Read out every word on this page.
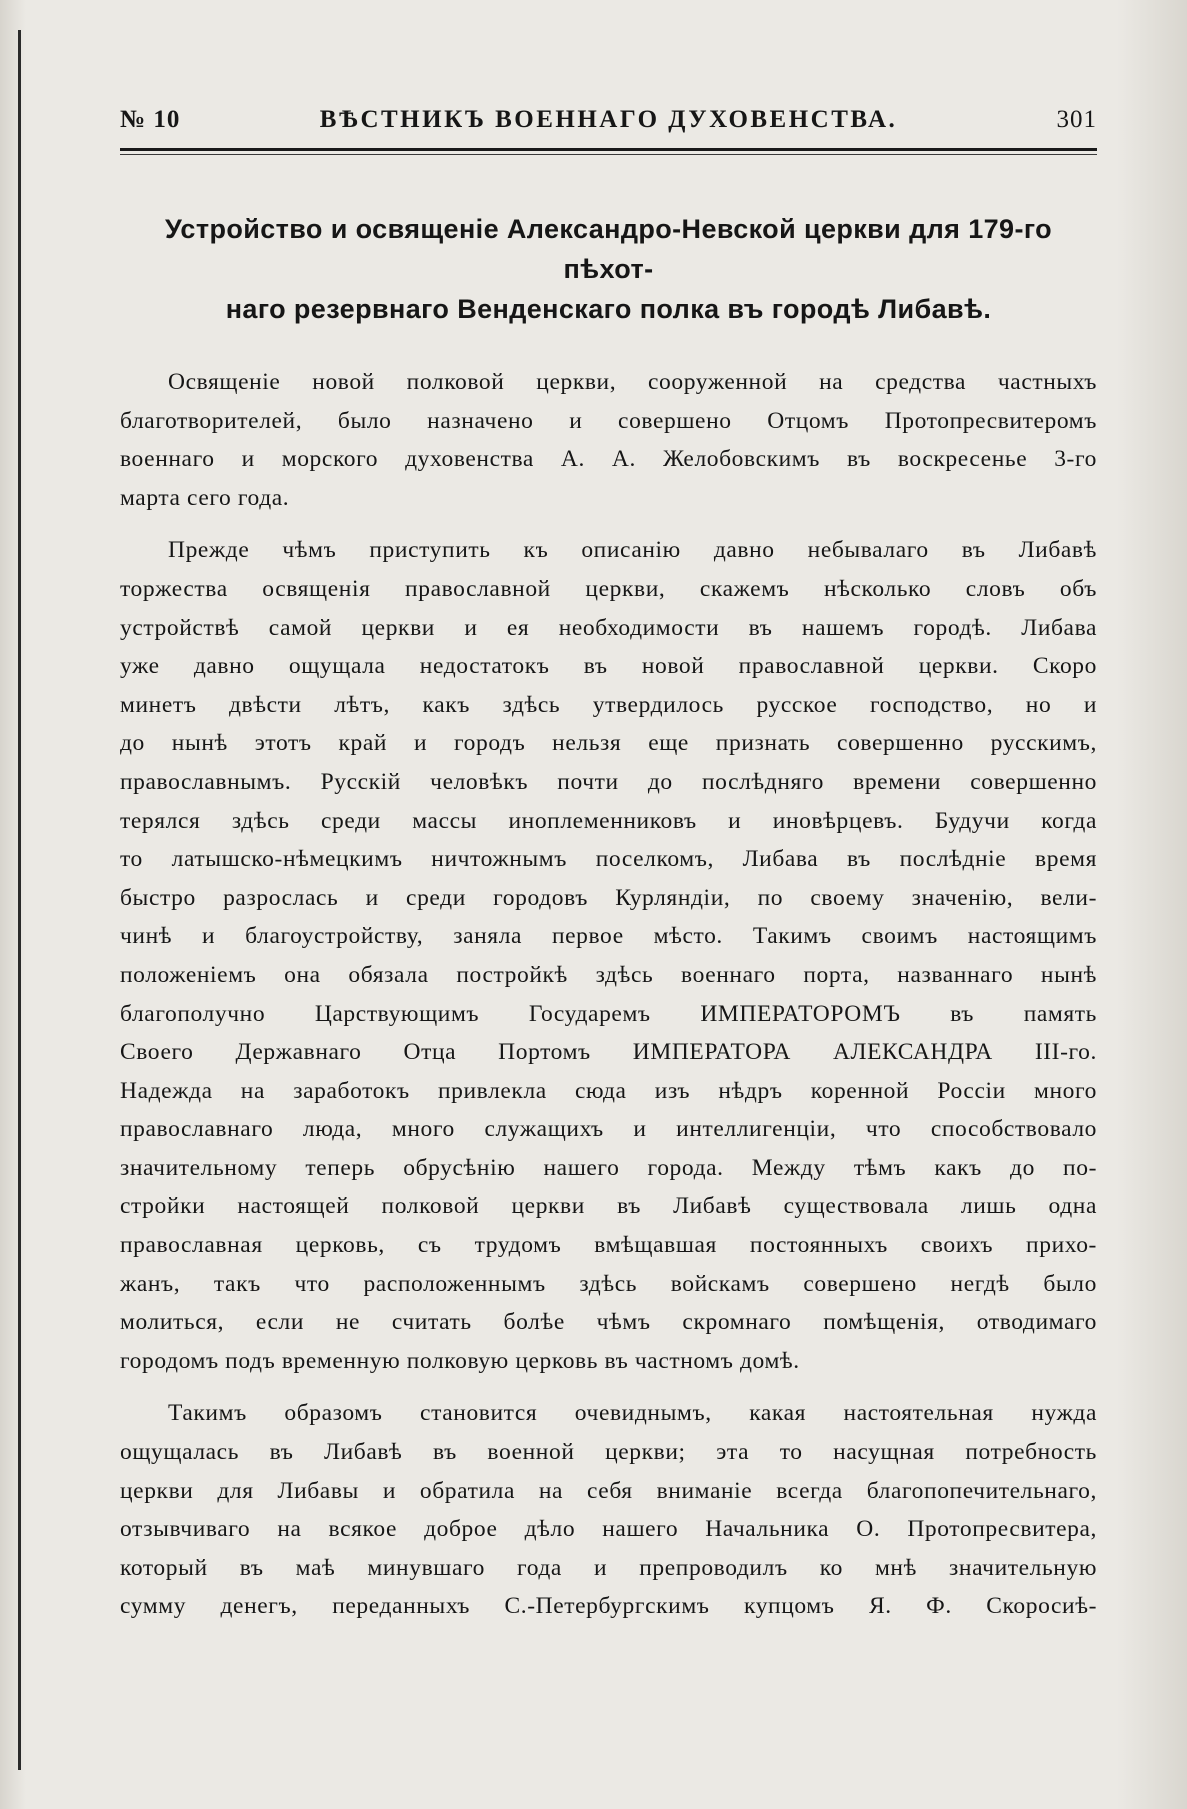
№ 10	ВѢСТНИКЪ ВОЕННАГО ДУХОВЕНСТВА.	301
Устройство и освященіе Александро-Невской церкви для 179-го пѣхот-
наго резервнаго Венденскаго полка въ городѣ Либавѣ.
Освященіе новой полковой церкви, сооруженной на средства частныхъ
благотворителей, было назначено и совершено Отцомъ Протопресвитеромъ
военнаго и морского духовенства А. А. Желобовскимъ въ воскресенье 3-го
марта сего года.
Прежде чѣмъ приступить къ описанію давно небывалаго въ Либавѣ
торжества освященія православной церкви, скажемъ нѣсколько словъ объ
устройствѣ самой церкви и ея необходимости въ нашемъ городѣ. Либава
уже давно ощущала недостатокъ въ новой православной церкви. Скоро
минетъ двѣсти лѣтъ, какъ здѣсь утвердилось русское господство, но и
до нынѣ этотъ край и городъ нельзя еще признать совершенно русскимъ,
православнымъ. Русскій человѣкъ почти до послѣдняго времени совершенно
терялся здѣсь среди массы иноплеменниковъ и иновѣрцевъ. Будучи когда
то латышско-нѣмецкимъ ничтожнымъ поселкомъ, Либава въ послѣдніе время
быстро разрослась и среди городовъ Курляндіи, по своему значенію, вели-
чинѣ и благоустройству, заняла первое мѣсто. Такимъ своимъ настоящимъ
положеніемъ она обязала постройкѣ здѣсь военнаго порта, названнаго нынѣ
благополучно Царствующимъ Государемъ ИМПЕРАТОРОМЪ въ память
Своего Державнаго Отца Портомъ ИМПЕРАТОРА АЛЕКСАНДРА III-го.
Надежда на заработокъ привлекла сюда изъ нѣдръ коренной Россіи много
православнаго люда, много служащихъ и интеллигенціи, что способствовало
значительному теперь обрусѣнію нашего города. Между тѣмъ какъ до по-
стройки настоящей полковой церкви въ Либавѣ существовала лишь одна
православная церковь, съ трудомъ вмѣщавшая постоянныхъ своихъ прихо-
жанъ, такъ что расположеннымъ здѣсь войскамъ совершено негдѣ было
молиться, если не считать болѣе чѣмъ скромнаго помѣщенія, отводимаго
городомъ подъ временную полковую церковь въ частномъ домѣ.
Такимъ образомъ становится очевиднымъ, какая настоятельная нужда
ощущалась въ Либавѣ въ военной церкви; эта то насущная потребность
церкви для Либавы и обратила на себя вниманіе всегда благопопечительнаго,
отзывчиваго на всякое доброе дѣло нашего Начальника О. Протопресвитера,
который въ маѣ минувшаго года и препроводилъ ко мнѣ значительную
сумму денегъ, переданныхъ С.-Петербургскимъ купцомъ Я. Ф. Скоросиѣ-
